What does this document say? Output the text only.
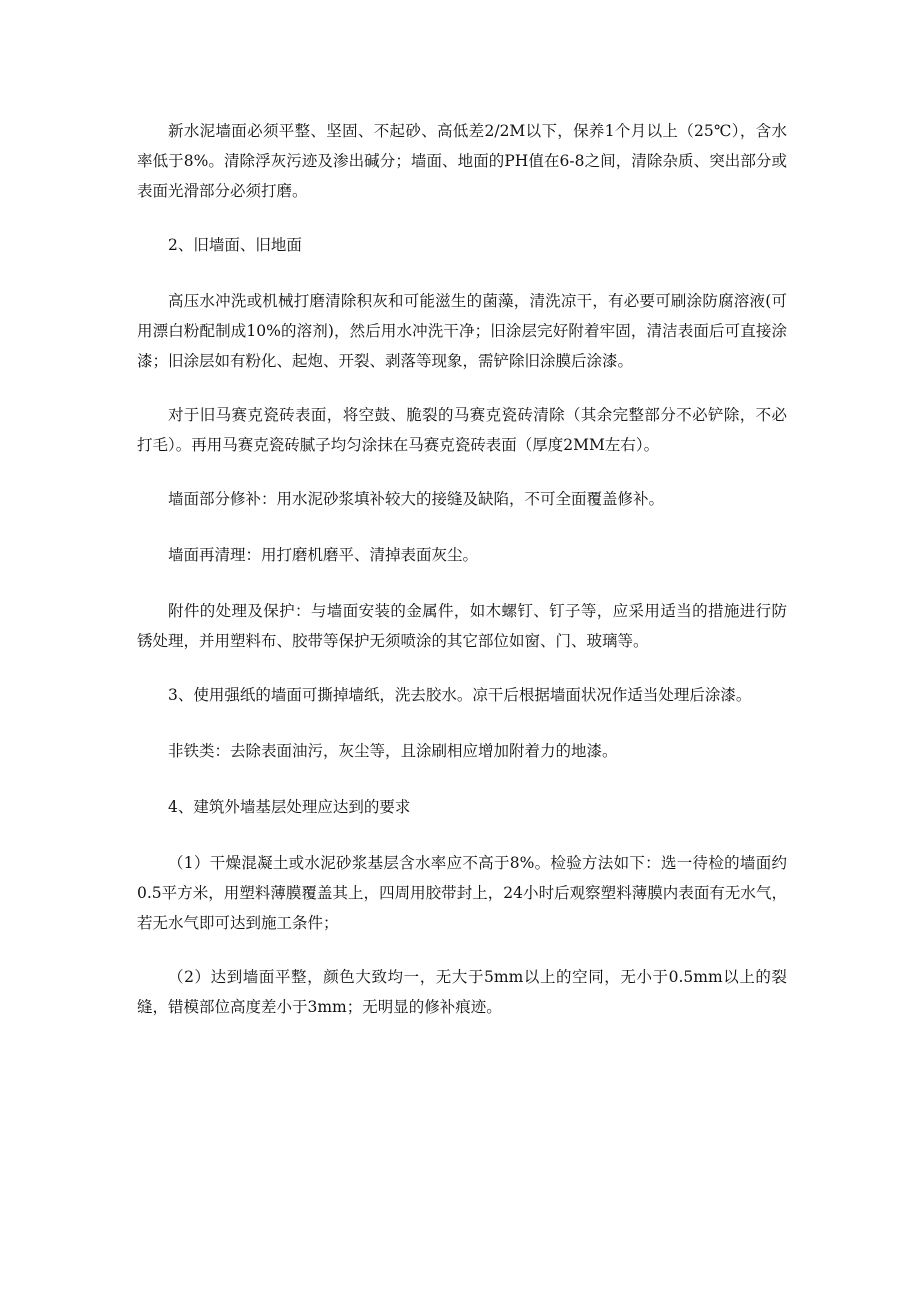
新水泥墙面必须平整、坚固、不起砂、高低差2/2M以下，保养1个月以上（25℃），含水率低于8%。清除浮灰污迹及渗出碱分；墙面、地面的PH值在6-8之间，清除杂质、突出部分或表面光滑部分必须打磨。

2、旧墙面、旧地面

高压水冲洗或机械打磨清除积灰和可能滋生的菌藻，清洗凉干，有必要可刷涂防腐溶液(可用漂白粉配制成10%的溶剂)，然后用水冲洗干净；旧涂层完好附着牢固，清洁表面后可直接涂漆；旧涂层如有粉化、起炮、开裂、剥落等现象，需铲除旧涂膜后涂漆。

对于旧马赛克瓷砖表面，将空鼓、脆裂的马赛克瓷砖清除（其余完整部分不必铲除，不必打毛）。再用马赛克瓷砖腻子均匀涂抹在马赛克瓷砖表面（厚度2MM左右）。

墙面部分修补：用水泥砂浆填补较大的接缝及缺陷，不可全面覆盖修补。

墙面再清理：用打磨机磨平、清掉表面灰尘。

附件的处理及保护：与墙面安装的金属件，如木螺钉、钉子等，应采用适当的措施进行防锈处理，并用塑料布、胶带等保护无须喷涂的其它部位如窗、门、玻璃等。

3、使用强纸的墙面可撕掉墙纸，洗去胶水。凉干后根据墙面状况作适当处理后涂漆。

非铁类：去除表面油污，灰尘等，且涂刷相应增加附着力的地漆。

4、建筑外墙基层处理应达到的要求

（1）干燥混凝土或水泥砂浆基层含水率应不高于8%。检验方法如下：选一待检的墙面约0.5平方米，用塑料薄膜覆盖其上，四周用胶带封上，24小时后观察塑料薄膜内表面有无水气，若无水气即可达到施工条件；

（2）达到墙面平整，颜色大致均一，无大于5mm以上的空同，无小于0.5mm以上的裂缝，错模部位高度差小于3mm；无明显的修补痕迹。
